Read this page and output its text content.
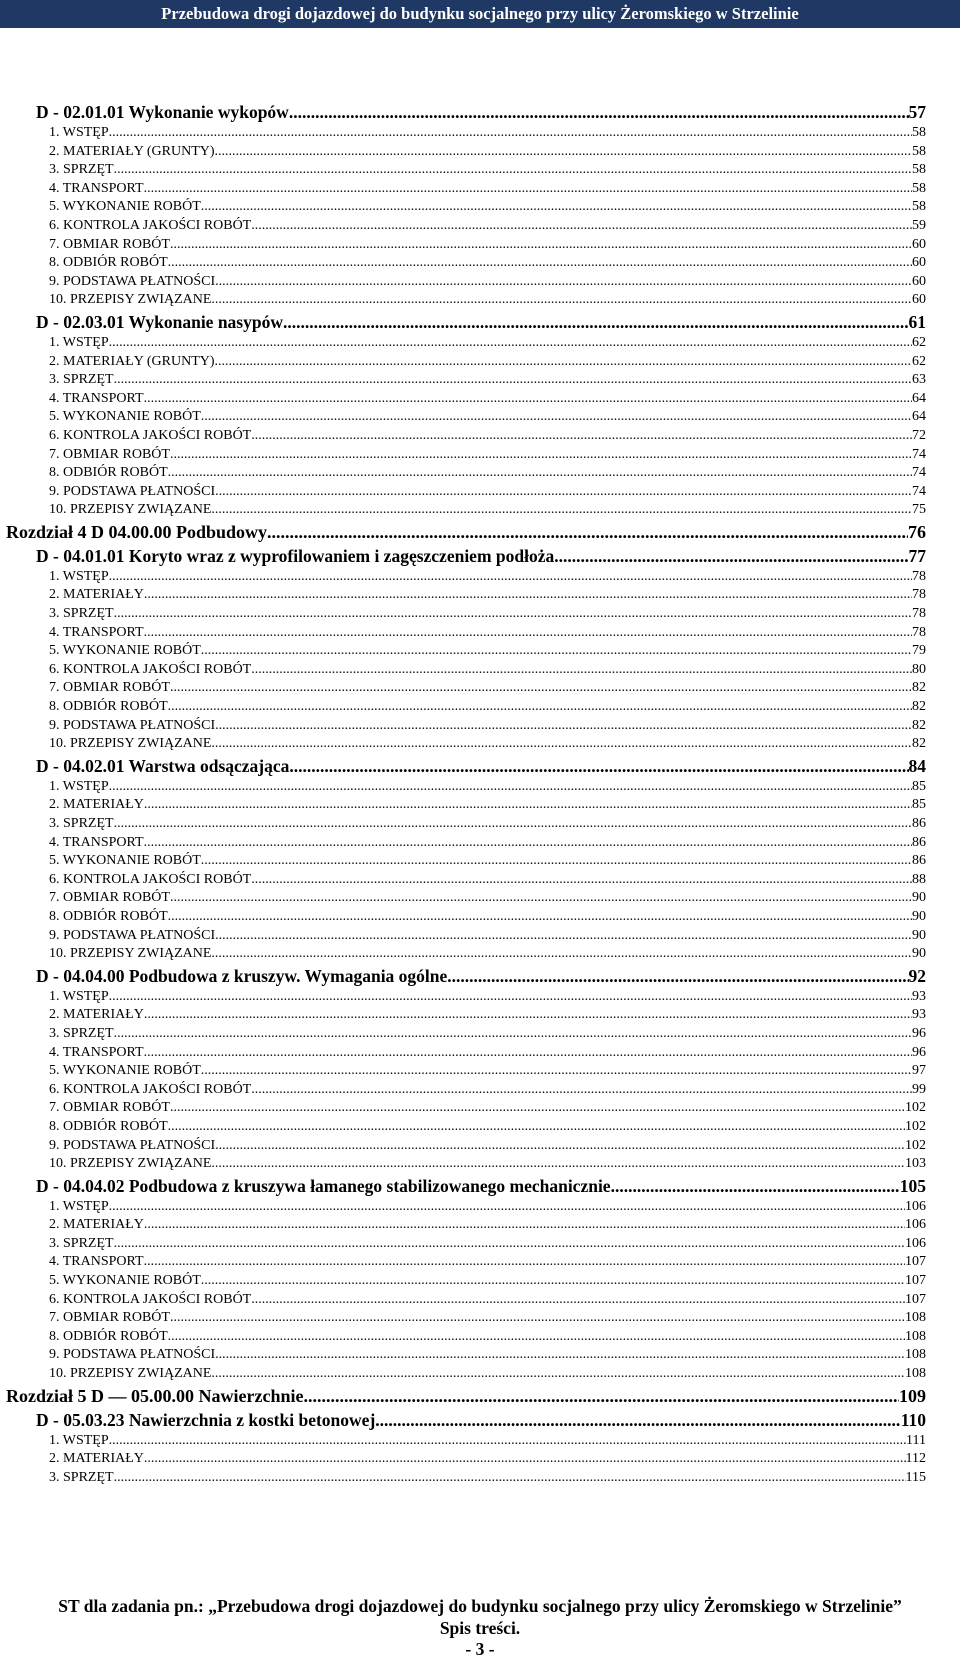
Przebudowa drogi dojazdowej do budynku socjalnego przy ulicy Żeromskiego w Strzelinie
D - 02.01.01 Wykonanie wykopów .....	57
1. WSTĘP .....	58
2. MATERIAŁY (GRUNTY) .....	58
3. SPRZĘT .....	58
4. TRANSPORT .....	58
5. WYKONANIE ROBÓT .....	58
6. KONTROLA JAKOŚCI ROBÓT .....	59
7. OBMIAR ROBÓT .....	60
8. ODBIÓR ROBÓT .....	60
9. PODSTAWA PŁATNOŚCI .....	60
10. PRZEPISY ZWIĄZANE .....	60
D - 02.03.01 Wykonanie nasypów .....	61
1. WSTĘP .....	62
2. MATERIAŁY (GRUNTY) .....	62
3. SPRZĘT .....	63
4. TRANSPORT .....	64
5. WYKONANIE ROBÓT .....	64
6. KONTROLA JAKOŚCI ROBÓT .....	72
7. OBMIAR ROBÓT .....	74
8. ODBIÓR ROBÓT .....	74
9. PODSTAWA PŁATNOŚCI .....	74
10. PRZEPISY ZWIĄZANE .....	75
Rozdział 4 D 04.00.00 Podbudowy .....	76
D - 04.01.01 Koryto wraz z wyprofilowaniem i zagęszczeniem podłoża .....	77
1. WSTĘP .....	78
2. MATERIAŁY .....	78
3. SPRZĘT .....	78
4. TRANSPORT .....	78
5. WYKONANIE ROBÓT .....	79
6. KONTROLA JAKOŚCI ROBÓT .....	80
7. OBMIAR ROBÓT .....	82
8. ODBIÓR ROBÓT .....	82
9. PODSTAWA PŁATNOŚCI .....	82
10. PRZEPISY ZWIĄZANE .....	82
D - 04.02.01 Warstwa odsączająca .....	84
1. WSTĘP .....	85
2. MATERIAŁY .....	85
3. SPRZĘT .....	86
4. TRANSPORT .....	86
5. WYKONANIE ROBÓT .....	86
6. KONTROLA JAKOŚCI ROBÓT .....	88
7. OBMIAR ROBÓT .....	90
8. ODBIÓR ROBÓT .....	90
9. PODSTAWA PŁATNOŚCI .....	90
10. PRZEPISY ZWIĄZANE .....	90
D - 04.04.00 Podbudowa z kruszyw. Wymagania ogólne .....	92
1. WSTĘP .....	93
2. MATERIAŁY .....	93
3. SPRZĘT .....	96
4. TRANSPORT .....	96
5. WYKONANIE ROBÓT .....	97
6. KONTROLA JAKOŚCI ROBÓT .....	99
7. OBMIAR ROBÓT .....	102
8. ODBIÓR ROBÓT .....	102
9. PODSTAWA PŁATNOŚCI .....	102
10. PRZEPISY ZWIĄZANE .....	103
D - 04.04.02 Podbudowa z kruszywa łamanego stabilizowanego mechanicznie .....	105
1. WSTĘP .....	106
2. MATERIAŁY .....	106
3. SPRZĘT .....	106
4. TRANSPORT .....	107
5. WYKONANIE ROBÓT .....	107
6. KONTROLA JAKOŚCI ROBÓT .....	107
7. OBMIAR ROBÓT .....	108
8. ODBIÓR ROBÓT .....	108
9. PODSTAWA PŁATNOŚCI .....	108
10. PRZEPISY ZWIĄZANE .....	108
Rozdział 5 D — 05.00.00 Nawierzchnie .....	109
D - 05.03.23 Nawierzchnia z kostki betonowej .....	110
1. WSTĘP .....	111
2. MATERIAŁY .....	112
3. SPRZĘT .....	115
ST dla zadania pn.: „Przebudowa drogi dojazdowej do budynku socjalnego przy ulicy Żeromskiego w Strzelinie”
Spis treści.
- 3 -
